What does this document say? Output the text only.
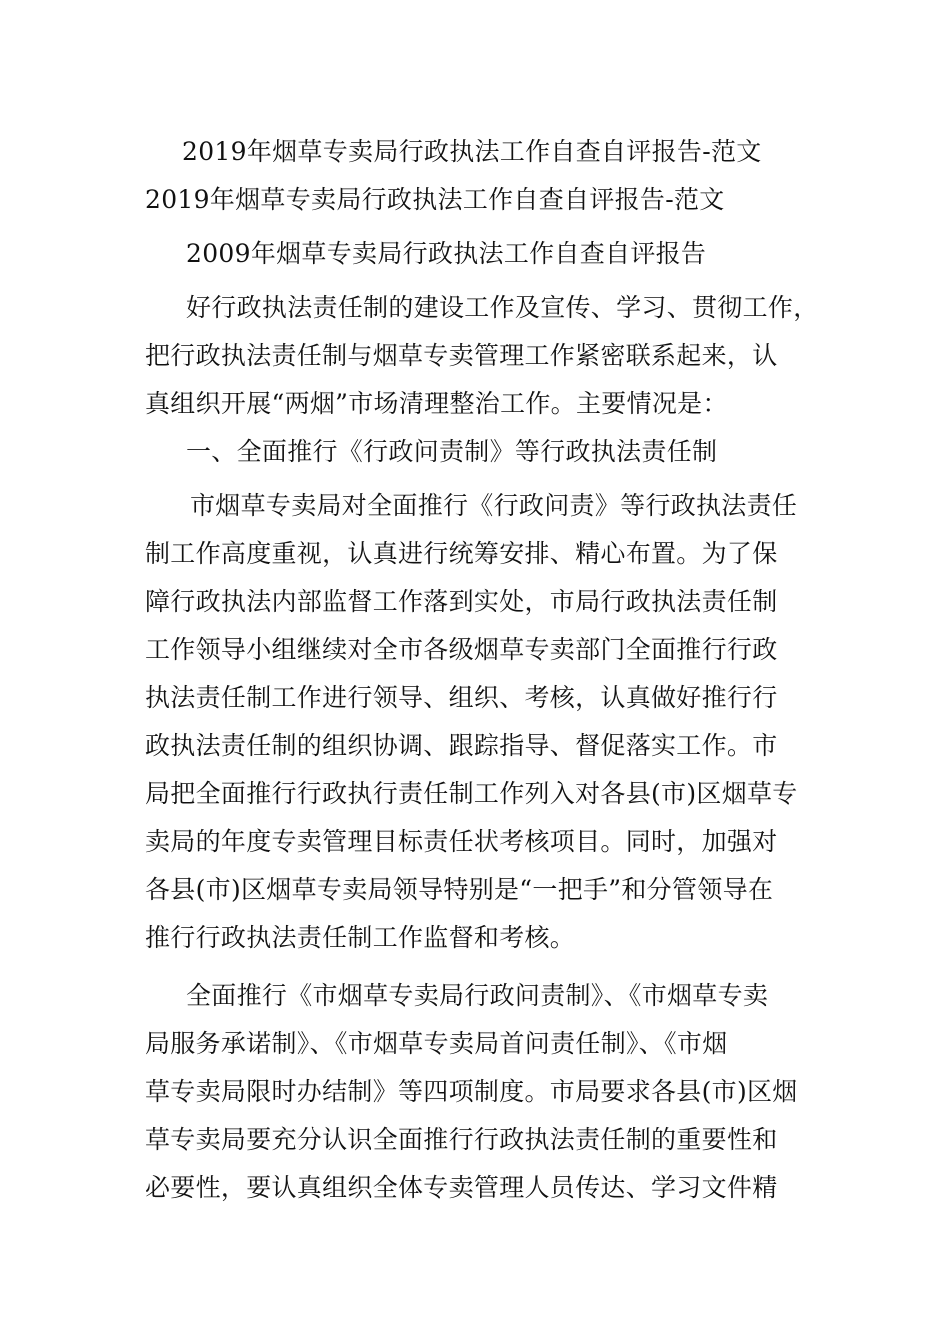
2019年烟草专卖局行政执法工作自查自评报告-范文
2019年烟草专卖局行政执法工作自查自评报告-范文
2009年烟草专卖局行政执法工作自查自评报告
好行政执法责任制的建设工作及宣传、学习、贯彻工作，
把行政执法责任制与烟草专卖管理工作紧密联系起来，认
真组织开展“两烟”市场清理整治工作。主要情况是：
一、全面推行《行政问责制》等行政执法责任制
市烟草专卖局对全面推行《行政问责》等行政执法责任
制工作高度重视，认真进行统筹安排、精心布置。为了保
障行政执法内部监督工作落到实处，市局行政执法责任制
工作领导小组继续对全市各级烟草专卖部门全面推行行政
执法责任制工作进行领导、组织、考核，认真做好推行行
政执法责任制的组织协调、跟踪指导、督促落实工作。市
局把全面推行行政执行责任制工作列入对各县(市)区烟草专
卖局的年度专卖管理目标责任状考核项目。同时，加强对
各县(市)区烟草专卖局领导特别是“一把手”和分管领导在
推行行政执法责任制工作监督和考核。
全面推行《市烟草专卖局行政问责制》、《市烟草专卖
局服务承诺制》、《市烟草专卖局首问责任制》、《市烟
草专卖局限时办结制》等四项制度。市局要求各县(市)区烟
草专卖局要充分认识全面推行行政执法责任制的重要性和
必要性，要认真组织全体专卖管理人员传达、学习文件精
